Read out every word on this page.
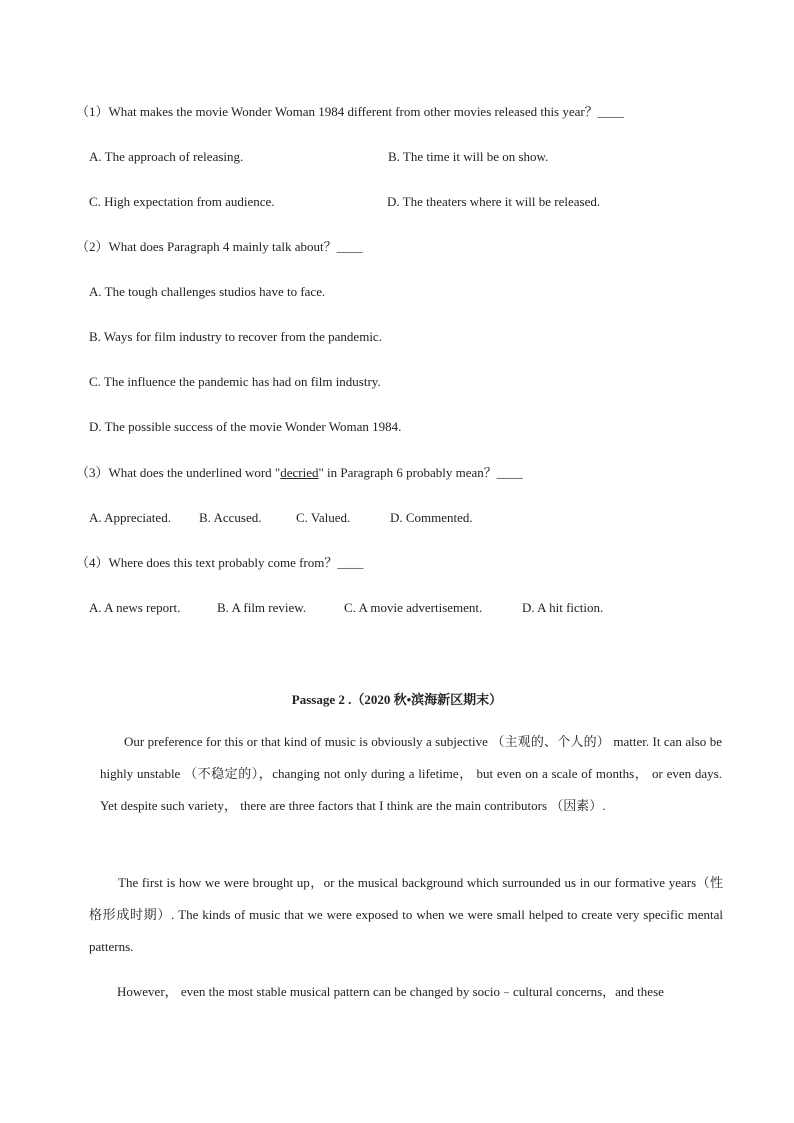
（1）What makes the movie Wonder Woman 1984 different from other movies released this year？____
A. The approach of releasing.	B. The time it will be on show.
C. High expectation from audience.	D. The theaters where it will be released.
（2）What does Paragraph 4 mainly talk about？____
A. The tough challenges studios have to face.
B. Ways for film industry to recover from the pandemic.
C. The influence the pandemic has had on film industry.
D. The possible success of the movie Wonder Woman 1984.
（3）What does the underlined word "decried" in Paragraph 6 probably mean？____
A. Appreciated. B. Accused.	C. Valued.	D. Commented.
（4）Where does this text probably come from？____
A. A news report.	B. A film review.	C. A movie advertisement.	D. A hit fiction.
Passage 2 .（2020 秋•滨海新区期末）
Our preference for this or that kind of music is obviously a subjective （主观的、个人的） matter. It can also be highly unstable （不稳定的），changing not only during a lifetime， but even on a scale of months， or even days. Yet despite such variety， there are three factors that I think are the main contributors （因素）.
The first is how we were brought up，or the musical background which surrounded us in our formative years（性格形成时期）. The kinds of music that we were exposed to when we were small helped to create very specific mental patterns.
However， even the most stable musical pattern can be changed by socio﹣cultural concerns，and these
